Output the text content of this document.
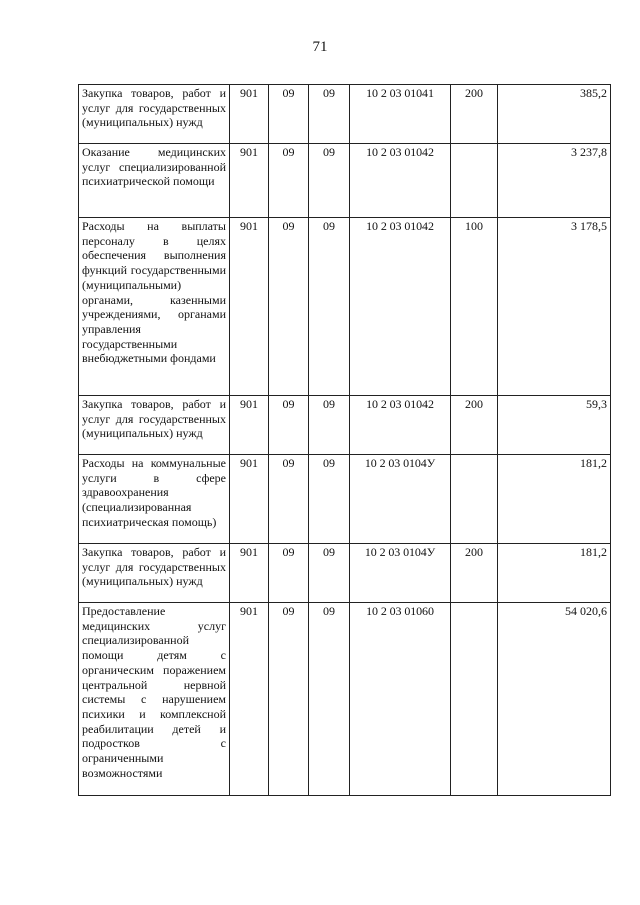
71
Закупка товаров, работ и услуг для государственных (муниципальных) нужд	901	09	09	10 2 03 01041	200	385,2
Оказание медицинских услуг специализированной психиатрической помощи	901	09	09	10 2 03 01042		3 237,8
Расходы на выплаты персоналу в целях обеспечения выполнения функций государственными (муниципальными) органами, казенными учреждениями, органами управления государственными внебюджетными фондами	901	09	09	10 2 03 01042	100	3 178,5
Закупка товаров, работ и услуг для государственных (муниципальных) нужд	901	09	09	10 2 03 01042	200	59,3
Расходы на коммунальные услуги в сфере здравоохранения (специализированная психиатрическая помощь)	901	09	09	10 2 03 0104У		181,2
Закупка товаров, работ и услуг для государственных (муниципальных) нужд	901	09	09	10 2 03 0104У	200	181,2
Предоставление медицинских услуг специализированной помощи детям с органическим поражением центральной нервной системы с нарушением психики и комплексной реабилитации детей и подростков с ограниченными возможностями	901	09	09	10 2 03 01060		54 020,6
